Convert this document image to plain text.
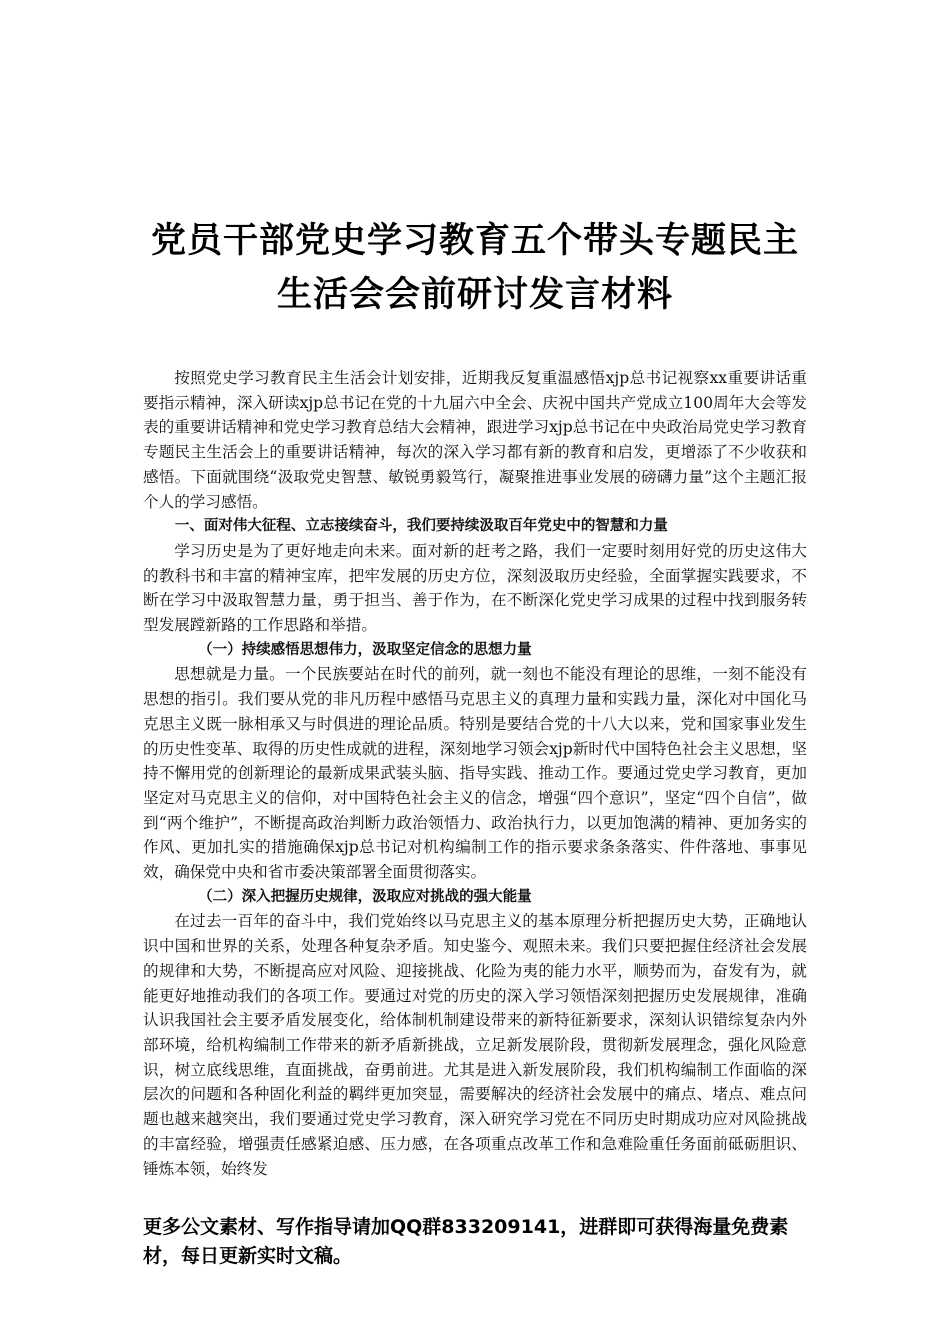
党员干部党史学习教育五个带头专题民主
生活会会前研讨发言材料

按照党史学习教育民主生活会计划安排，近期我反复重温感悟xjp总书记视察xx重要讲话重要指示精神，深入研读xjp总书记在党的十九届六中全会、庆祝中国共产党成立100周年大会等发表的重要讲话精神和党史学习教育总结大会精神，跟进学习xjp总书记在中央政治局党史学习教育专题民主生活会上的重要讲话精神，每次的深入学习都有新的教育和启发，更增添了不少收获和感悟。下面就围绕“汲取党史智慧、敏锐勇毅笃行，凝聚推进事业发展的磅礴力量”这个主题汇报个人的学习感悟。

一、面对伟大征程、立志接续奋斗，我们要持续汲取百年党史中的智慧和力量

学习历史是为了更好地走向未来。面对新的赶考之路，我们一定要时刻用好党的历史这伟大的教科书和丰富的精神宝库，把牢发展的历史方位，深刻汲取历史经验，全面掌握实践要求，不断在学习中汲取智慧力量，勇于担当、善于作为，在不断深化党史学习成果的过程中找到服务转型发展蹚新路的工作思路和举措。

（一）持续感悟思想伟力，汲取坚定信念的思想力量

思想就是力量。一个民族要站在时代的前列，就一刻也不能没有理论的思维，一刻不能没有思想的指引。我们要从党的非凡历程中感悟马克思主义的真理力量和实践力量，深化对中国化马克思主义既一脉相承又与时俱进的理论品质。特别是要结合党的十八大以来，党和国家事业发生的历史性变革、取得的历史性成就的进程，深刻地学习领会xjp新时代中国特色社会主义思想，坚持不懈用党的创新理论的最新成果武装头脑、指导实践、推动工作。要通过党史学习教育，更加坚定对马克思主义的信仰，对中国特色社会主义的信念，增强“四个意识”，坚定“四个自信”，做到“两个维护”，不断提高政治判断力政治领悟力、政治执行力，以更加饱满的精神、更加务实的作风、更加扎实的措施确保xjp总书记对机构编制工作的指示要求条条落实、件件落地、事事见效，确保党中央和省市委决策部署全面贯彻落实。

（二）深入把握历史规律，汲取应对挑战的强大能量

在过去一百年的奋斗中，我们党始终以马克思主义的基本原理分析把握历史大势，正确地认识中国和世界的关系，处理各种复杂矛盾。知史鉴今、观照未来。我们只要把握住经济社会发展的规律和大势，不断提高应对风险、迎接挑战、化险为夷的能力水平，顺势而为，奋发有为，就能更好地推动我们的各项工作。要通过对党的历史的深入学习领悟深刻把握历史发展规律，准确认识我国社会主要矛盾发展变化，给体制机制建设带来的新特征新要求，深刻认识错综复杂内外部环境，给机构编制工作带来的新矛盾新挑战，立足新发展阶段，贯彻新发展理念，强化风险意识，树立底线思维，直面挑战，奋勇前进。尤其是进入新发展阶段，我们机构编制工作面临的深层次的问题和各种固化利益的羁绊更加突显，需要解决的经济社会发展中的痛点、堵点、难点问题也越来越突出，我们要通过党史学习教育，深入研究学习党在不同历史时期成功应对风险挑战的丰富经验，增强责任感紧迫感、压力感，在各项重点改革工作和急难险重任务面前砥砺胆识、锤炼本领，始终发

更多公文素材、写作指导请加QQ群833209141，进群即可获得海量免费素材，每日更新实时文稿。
